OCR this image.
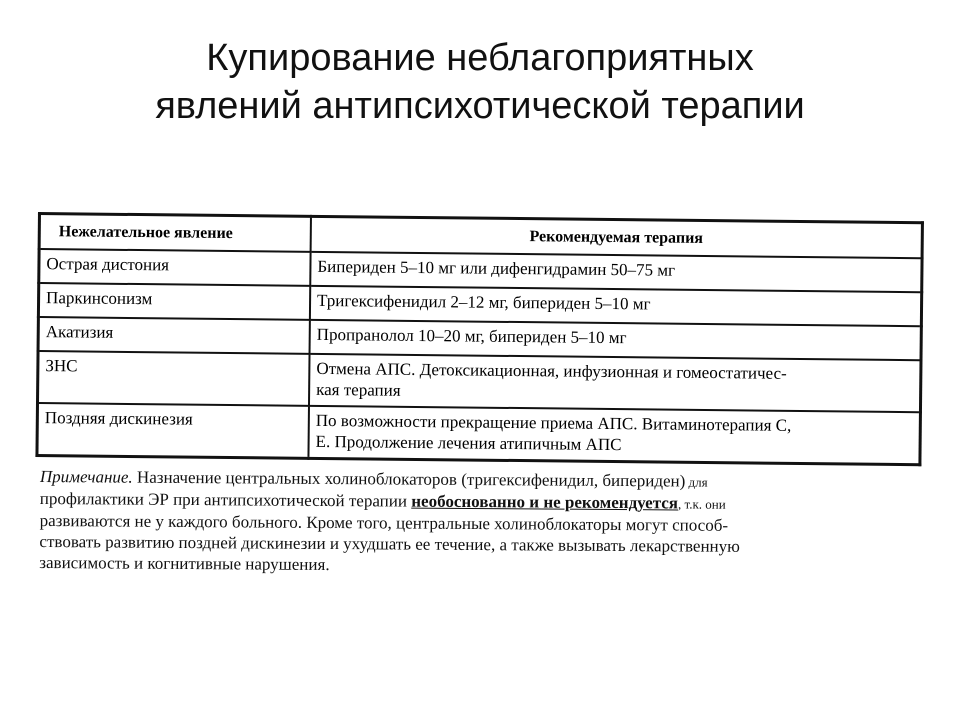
Купирование неблагоприятных
явлений антипсихотической терапии
Нежелательное явление	Рекомендуемая терапия
Острая дистония	Бипериден 5–10 мг или дифенгидрамин 50–75 мг
Паркинсонизм	Тригексифенидил 2–12 мг, бипериден 5–10 мг
Акатизия	Пропранолол 10–20 мг, бипериден 5–10 мг
ЗНС	Отмена АПС. Детоксикационная, инфузионная и гомеостатичес-
кая терапия

Поздняя дискинезия	По возможности прекращение приема АПС. Витаминотерапия С,
Е. Продолжение лечения атипичным АПС

Примечание. Назначение центральных холиноблокаторов (тригексифенидил, бипериден) для

профилактики ЭР при антипсихотической терапии необоснованно и не рекомендуется, т.к. они

развиваются не у каждого больного. Кроме того, центральные холиноблокаторы могут способ-

ствовать развитию поздней дискинезии и ухудшать ее течение, а также вызывать лекарственную

зависимость и когнитивные нарушения.
